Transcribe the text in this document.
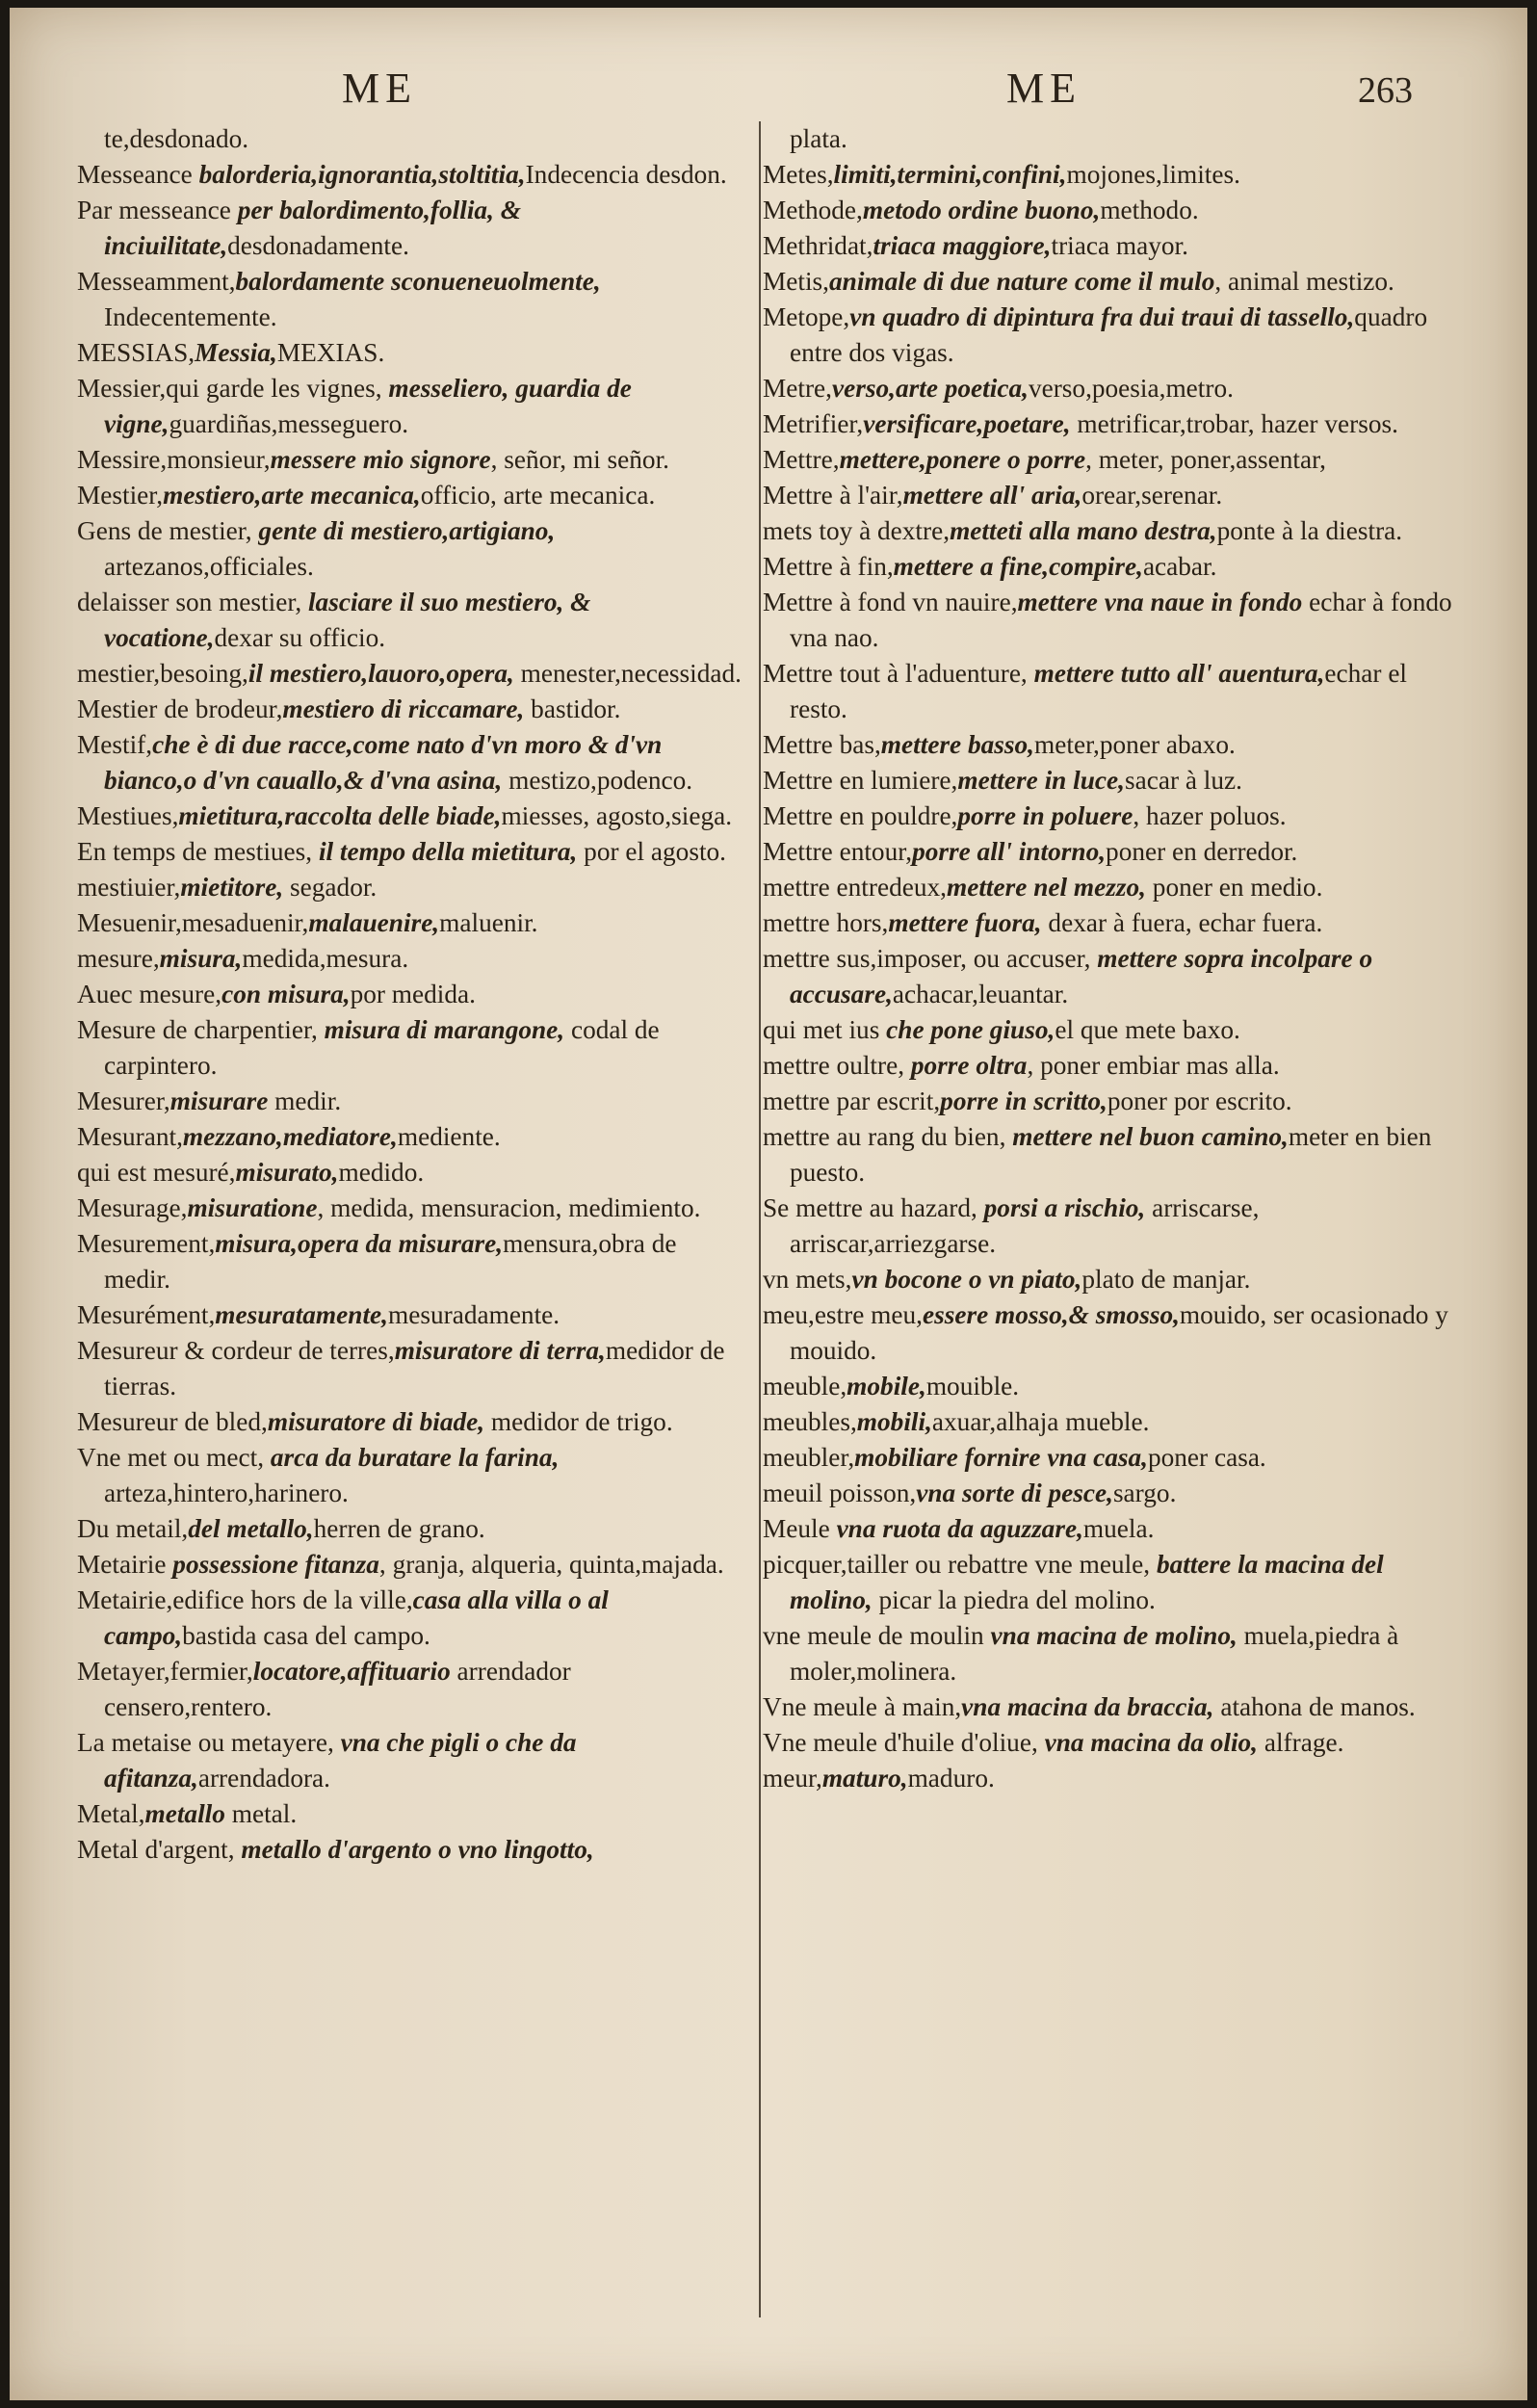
ME	ME	263

te,desdonado.

Messeance balorderia,ignorantia,stoltitia,Indecencia desdon.

Par messeance per balordimento,follia, & inciuilitate,desdonadamente.

Messeamment,balordamente sconueneuolmente, Indecentemente.

MESSIAS,Messia,MEXIAS.

Messier,qui garde les vignes, messeliero, guardia de vigne,guardiñas,messeguero.

Messire,monsieur,messere mio signore, señor, mi señor.

Mestier,mestiero,arte mecanica,officio, arte mecanica.

Gens de mestier, gente di mestiero,artigiano, artezanos,officiales.

delaisser son mestier, lasciare il suo mestiero, & vocatione,dexar su officio.

mestier,besoing,il mestiero,lauoro,opera, menester,necessidad.

Mestier de brodeur,mestiero di riccamare, bastidor.

Mestif,che è di due racce,come nato d'vn moro & d'vn bianco,o d'vn cauallo,& d'vna asina, mestizo,podenco.

Mestiues,mietitura,raccolta delle biade,miesses, agosto,siega.

En temps de mestiues, il tempo della mietitura, por el agosto.

mestiuier,mietitore, segador.

Mesuenir,mesaduenir,malauenire,maluenir.

mesure,misura,medida,mesura.

Auec mesure,con misura,por medida.

Mesure de charpentier, misura di marangone, codal de carpintero.

Mesurer,misurare medir.

Mesurant,mezzano,mediatore,mediente.

qui est mesuré,misurato,medido.

Mesurage,misuratione, medida, mensuracion, medimiento.

Mesurement,misura,opera da misurare,mensura,obra de medir.

Mesurément,mesuratamente,mesuradamente.

Mesureur & cordeur de terres,misuratore di terra,medidor de tierras.

Mesureur de bled,misuratore di biade, medidor de trigo.

Vne met ou mect, arca da buratare la farina, arteza,hintero,harinero.

Du metail,del metallo,herren de grano.

Metairie possessione fitanza, granja, alqueria, quinta,majada.

Metairie,edifice hors de la ville,casa alla villa o al campo,bastida casa del campo.

Metayer,fermier,locatore,affituario arrendador censero,rentero.

La metaise ou metayere, vna che pigli o che da afitanza,arrendadora.

Metal,metallo metal.

Metal d'argent, metallo d'argento o vno lingotto,

plata.

Metes,limiti,termini,confini,mojones,limites.

Methode,metodo ordine buono,methodo.

Methridat,triaca maggiore,triaca mayor.

Metis,animale di due nature come il mulo, animal mestizo.

Metope,vn quadro di dipintura fra dui traui di tassello,quadro entre dos vigas.

Metre,verso,arte poetica,verso,poesia,metro.

Metrifier,versificare,poetare, metrificar,trobar, hazer versos.

Mettre,mettere,ponere o porre, meter, poner,assentar,

Mettre à l'air,mettere all' aria,orear,serenar.

mets toy à dextre,metteti alla mano destra,ponte à la diestra.

Mettre à fin,mettere a fine,compire,acabar.

Mettre à fond vn nauire,mettere vna naue in fondo echar à fondo vna nao.

Mettre tout à l'aduenture, mettere tutto all' auentura,echar el resto.

Mettre bas,mettere basso,meter,poner abaxo.

Mettre en lumiere,mettere in luce,sacar à luz.

Mettre en pouldre,porre in poluere, hazer poluos.

Mettre entour,porre all' intorno,poner en derredor.

mettre entredeux,mettere nel mezzo, poner en medio.

mettre hors,mettere fuora, dexar à fuera, echar fuera.

mettre sus,imposer, ou accuser, mettere sopra incolpare o accusare,achacar,leuantar.

qui met ius che pone giuso,el que mete baxo.

mettre oultre, porre oltra, poner embiar mas alla.

mettre par escrit,porre in scritto,poner por escrito.

mettre au rang du bien, mettere nel buon camino,meter en bien puesto.

Se mettre au hazard, porsi a rischio, arriscarse, arriscar,arriezgarse.

vn mets,vn bocone o vn piato,plato de manjar.

meu,estre meu,essere mosso,& smosso,mouido, ser ocasionado y mouido.

meuble,mobile,mouible.

meubles,mobili,axuar,alhaja mueble.

meubler,mobiliare fornire vna casa,poner casa.

meuil poisson,vna sorte di pesce,sargo.

Meule vna ruota da aguzzare,muela.

picquer,tailler ou rebattre vne meule, battere la macina del molino, picar la piedra del molino.

vne meule de moulin vna macina de molino, muela,piedra à moler,molinera.

Vne meule à main,vna macina da braccia, atahona de manos.

Vne meule d'huile d'oliue, vna macina da olio, alfrage.

meur,maturo,maduro.
